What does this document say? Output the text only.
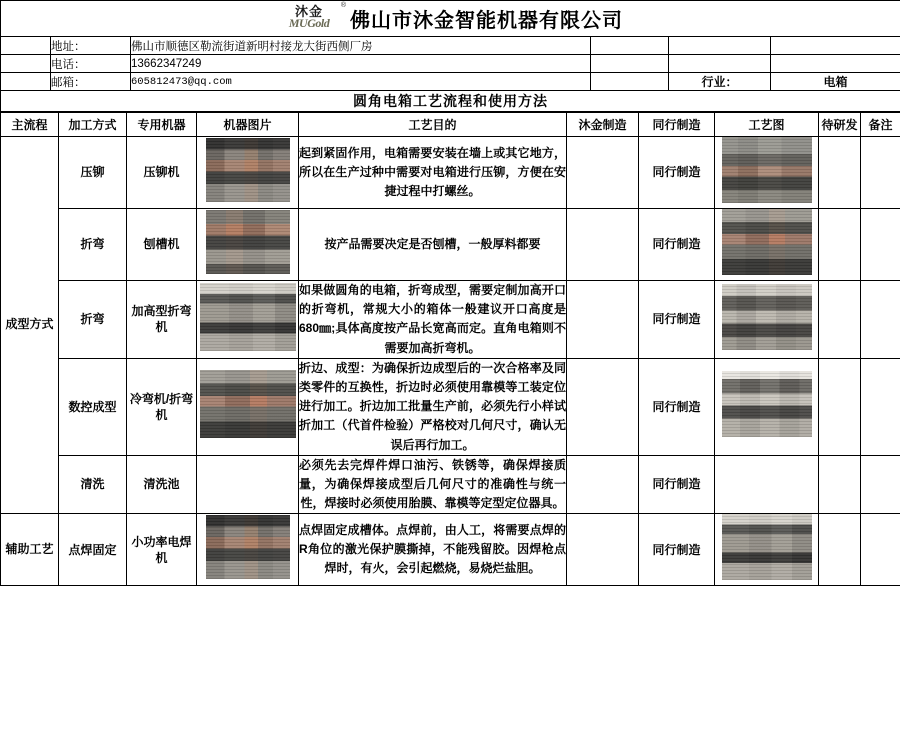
沐金
MUGold
®
佛山市沐金智能机器有限公司					

	地址：	佛山市顺德区勒流街道新明村接龙大街西侧厂房			
	电话：	13662347249			
	邮箱：	605812473@qq.com		行业：	电箱
圆角电箱工艺流程和使用方法					
主流程	加工方式	专用机器	机器图片	工艺目的	沐金制造	同行制造	工艺图	待研发	备注
成型方式	压铆	压铆机		起到紧固作用，电箱需要安装在墙上或其它地方，所以在生产过种中需要对电箱进行压铆，方便在安捷过程中打螺丝。		同行制造			
	折弯	刨槽机		按产品需要决定是否刨槽，一般厚料都要		同行制造			
	折弯	加高型折弯机		如果做圆角的电箱，折弯成型，需要定制加高开口的折弯机，常规大小的箱体一般建议开口高度是680㎜;具体高度按产品长宽高而定。直角电箱则不需要加高折弯机。		同行制造			
	数控成型	冷弯机/折弯机		折边、成型：为确保折边成型后的一次合格率及同类零件的互换性，折边时必须使用靠模等工装定位进行加工。折边加工批量生产前，必须先行小样试折加工（代首件检验）严格校对几何尺寸，确认无误后再行加工。		同行制造			
	清洗	清洗池		必须先去完焊件焊口油污、铁锈等，确保焊接质量，为确保焊接成型后几何尺寸的准确性与统一性，焊接时必须使用胎膜、靠模等定型定位器具。		同行制造			
辅助工艺	点焊固定	小功率电焊机		点焊固定成槽体。点焊前，由人工，将需要点焊的R角位的激光保护膜撕掉，不能残留胶。因焊枪点焊时，有火，会引起燃烧，易烧烂盐胆。		同行制造			
